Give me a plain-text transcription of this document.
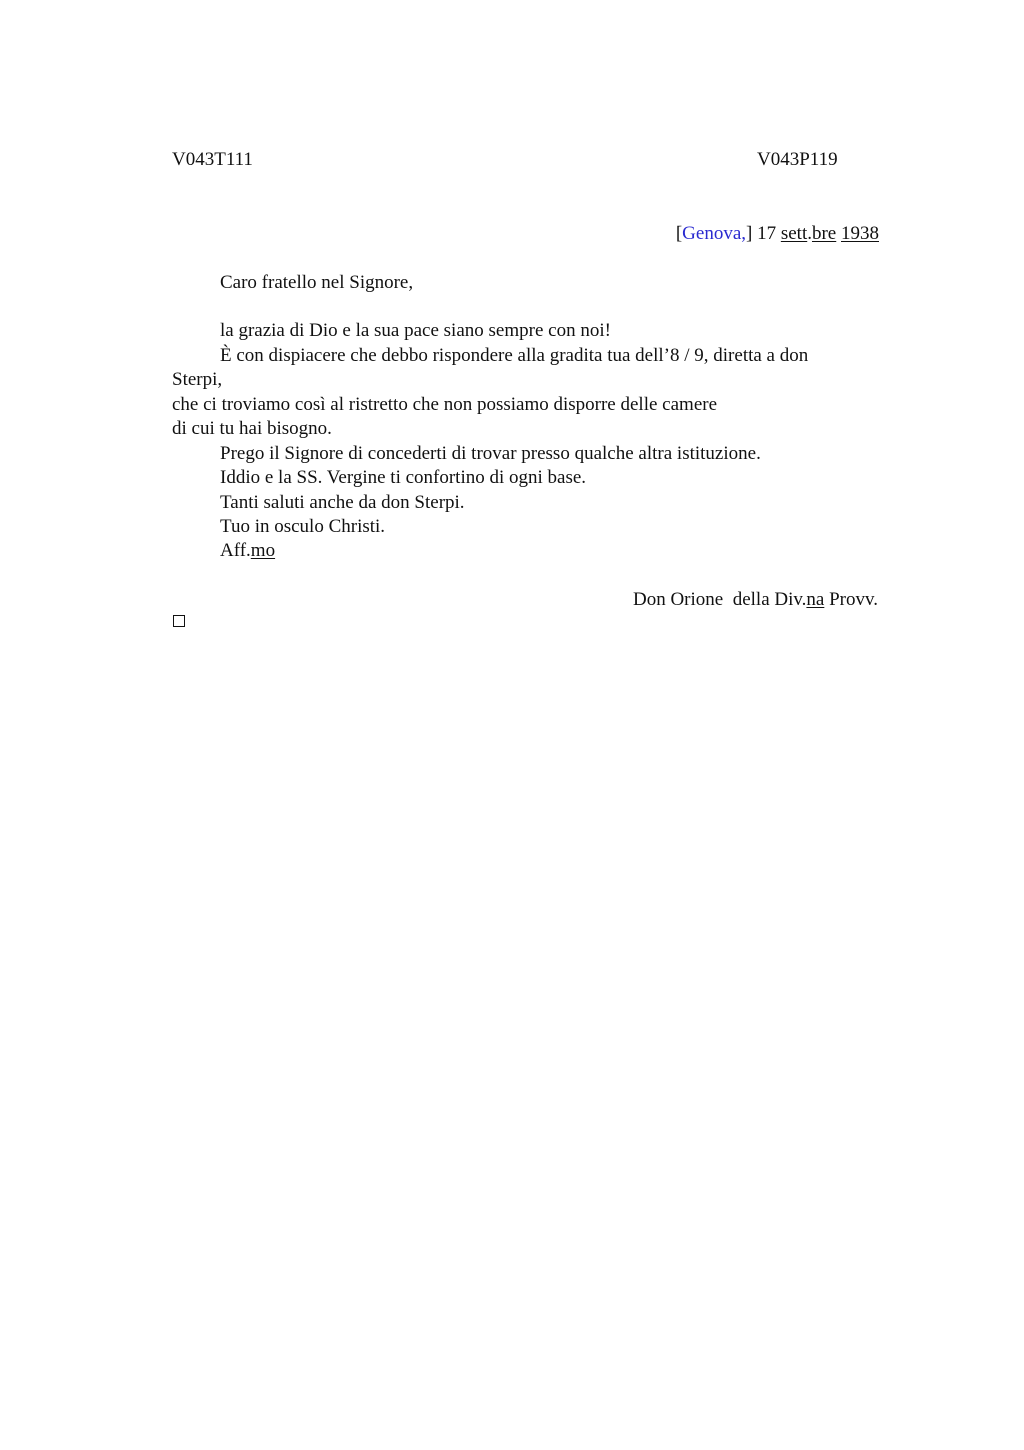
V043T111	V043P119
[Genova,] 17 sett.bre 1938
Caro fratello nel Signore,
la grazia di Dio e la sua pace siano sempre con noi!
È con dispiacere che debbo rispondere alla gradita tua dell’8 / 9, diretta a don
Sterpi,
che ci troviamo così al ristretto che non possiamo disporre delle camere
di cui tu hai bisogno.
Prego il Signore di concederti di trovar presso qualche altra istituzione.
Iddio e la SS. Vergine ti confortino di ogni base.
Tanti saluti anche da don Sterpi.
Tuo in osculo Christi.
Aff.mo
Don Orione  della Div.na Provv.
